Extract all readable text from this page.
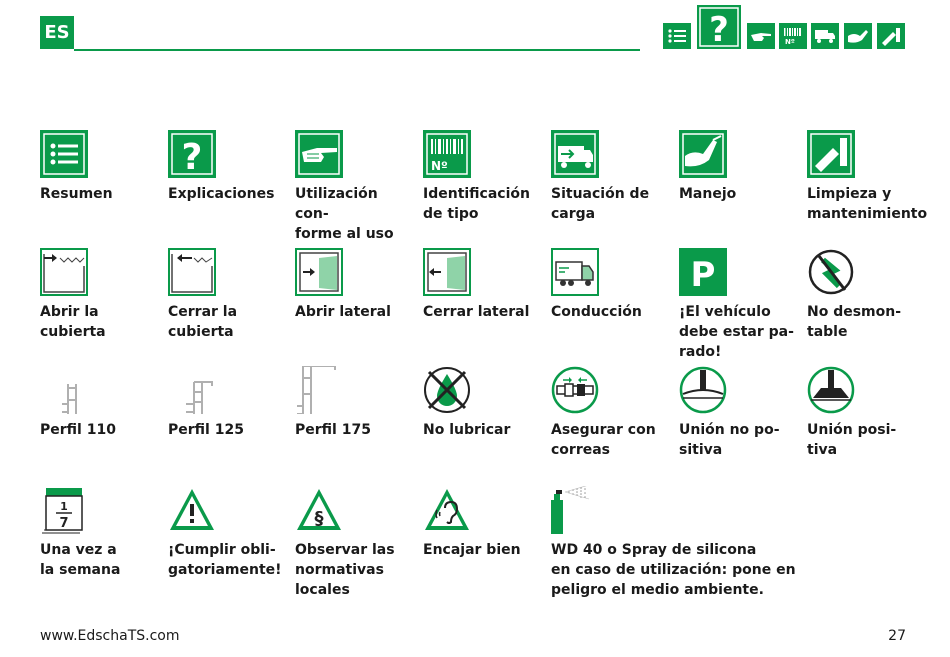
ES	?	Nº
Resumen
?
Explicaciones	Utilización con-
forme al uso
Nº
Identificación
de tipo
Situación de
carga
Manejo	Limpieza y
mantenimiento
Abrir la
cubierta
Cerrar la
cubierta
Abrir lateral	Cerrar lateral	Conducción
P
¡El vehículo
debe estar pa-
rado!
No desmon-
table
Perfil 110	Perfil 125	Perfil 175	No lubricar	Asegurar con
correas
Unión no po-
sitiva
Unión posi-
tiva
1
7
Una vez a
la semana
¡Cumplir obli-
gatoriamente!
§
Observar las
normativas
locales
Encajar bien	WD 40 o Spray de silicona
en caso de utilización: pone en
peligro el medio ambiente.
www.EdschaTS.com	27
